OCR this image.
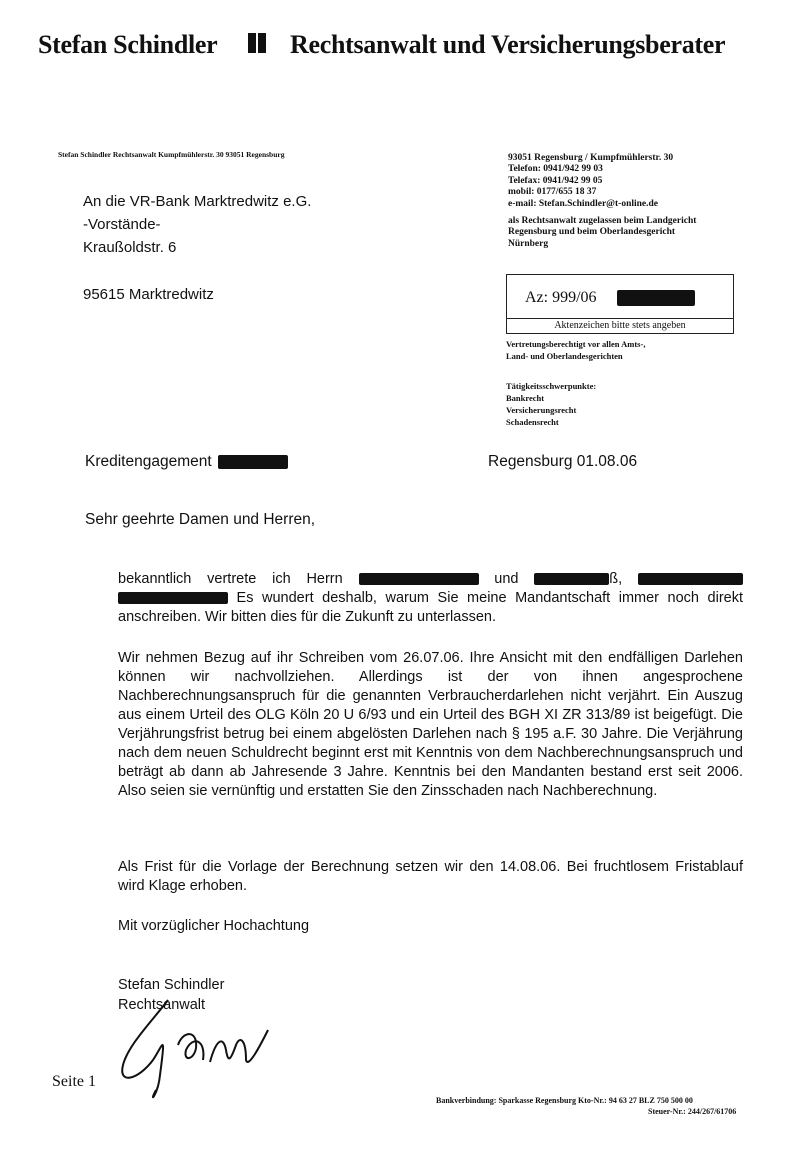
Stefan Schindler	Rechtsanwalt und Versicherungsberater
Stefan Schindler Rechtsanwalt Kumpfmühlerstr. 30 93051 Regensburg
An die VR-Bank Marktredwitz e.G.
-Vorstände-
Kraußoldstr. 6
95615 Marktredwitz
93051 Regensburg / Kumpfmühlerstr. 30
Telefon: 0941/942 99 03
Telefax: 0941/942 99 05
mobil: 0177/655 18 37
e-mail: Stefan.Schindler@t-online.de
als Rechtsanwalt zugelassen beim Landgericht
Regensburg und beim Oberlandesgericht
Nürnberg
Az: 999/06
Aktenzeichen bitte stets angeben
Vertretungsberechtigt vor allen Amts-,
Land- und Oberlandesgerichten
Tätigkeitsschwerpunkte:
Bankrecht
Versicherungsrecht
Schadensrecht
Kreditengagement	Regensburg 01.08.06
Sehr geehrte Damen und Herren,
bekanntlich vertrete ich Herrn	und	ß,   Es wundert deshalb, warum Sie meine Mandantschaft immer noch direkt anschreiben. Wir bitten dies für die Zukunft zu unterlassen.
Wir nehmen Bezug auf ihr Schreiben vom 26.07.06. Ihre Ansicht mit den endfälligen Darlehen können wir nachvollziehen. Allerdings ist der von ihnen angesprochene Nachberechnungsanspruch für die genannten Verbraucherdarlehen nicht verjährt. Ein Auszug aus einem Urteil des OLG Köln 20 U 6/93 und ein Urteil des BGH XI ZR 313/89 ist beigefügt. Die Verjährungsfrist betrug bei einem abgelösten Darlehen nach § 195 a.F. 30 Jahre. Die Verjährung nach dem neuen Schuldrecht beginnt erst mit Kenntnis von dem Nachberechnungsanspruch und beträgt ab dann ab Jahresende 3 Jahre. Kenntnis bei den Mandanten bestand erst seit 2006. Also seien sie vernünftig und erstatten Sie den Zinsschaden nach Nachberechnung.
Als Frist für die Vorlage der Berechnung setzen wir den 14.08.06. Bei fruchtlosem Fristablauf wird Klage erhoben.
Mit vorzüglicher Hochachtung
Stefan Schindler
Rechtsanwalt
Seite 1
Bankverbindung: Sparkasse Regensburg Kto-Nr.: 94 63 27 BLZ 750 500 00
Steuer-Nr.: 244/267/61706
